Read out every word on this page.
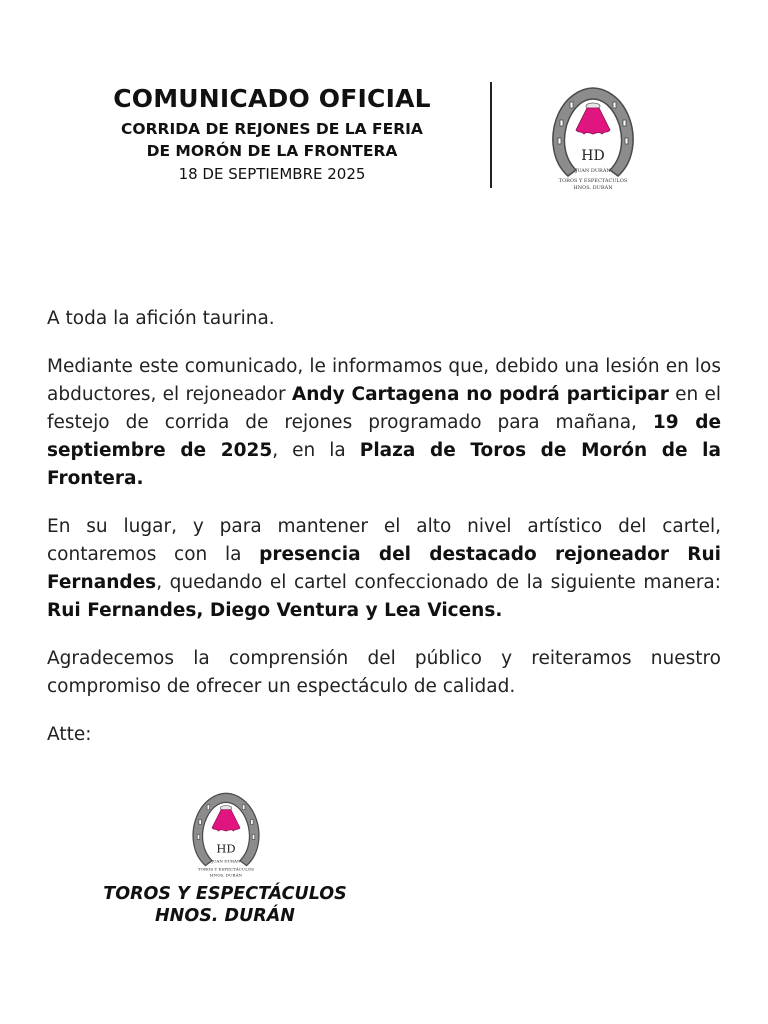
COMUNICADO OFICIAL
CORRIDA DE REJONES DE LA FERIA
DE MORÓN DE LA FRONTERA
18 DE SEPTIEMBRE 2025
HD
JUAN DURÁN
TOROS Y ESPECTÁCULOS
HNOS. DURÁN

A toda la afición taurina.

Mediante este comunicado, le informamos que, debido una lesión en los abductores, el rejoneador Andy Cartagena no podrá participar en el festejo de corrida de rejones programado para mañana, 19 de septiembre de 2025, en la Plaza de Toros de Morón de la Frontera.

En su lugar, y para mantener el alto nivel artístico del cartel, contaremos con la presencia del destacado rejoneador Rui Fernandes, quedando el cartel confeccionado de la siguiente manera: Rui Fernandes, Diego Ventura y Lea Vicens.

Agradecemos la comprensión del público y reiteramos nuestro compromiso de ofrecer un espectáculo de calidad.

Atte:

HD
JUAN DURÁN
TOROS Y ESPECTÁCULOS
HNOS. DURÁN
TOROS Y ESPECTÁCULOS
HNOS. DURÁN
